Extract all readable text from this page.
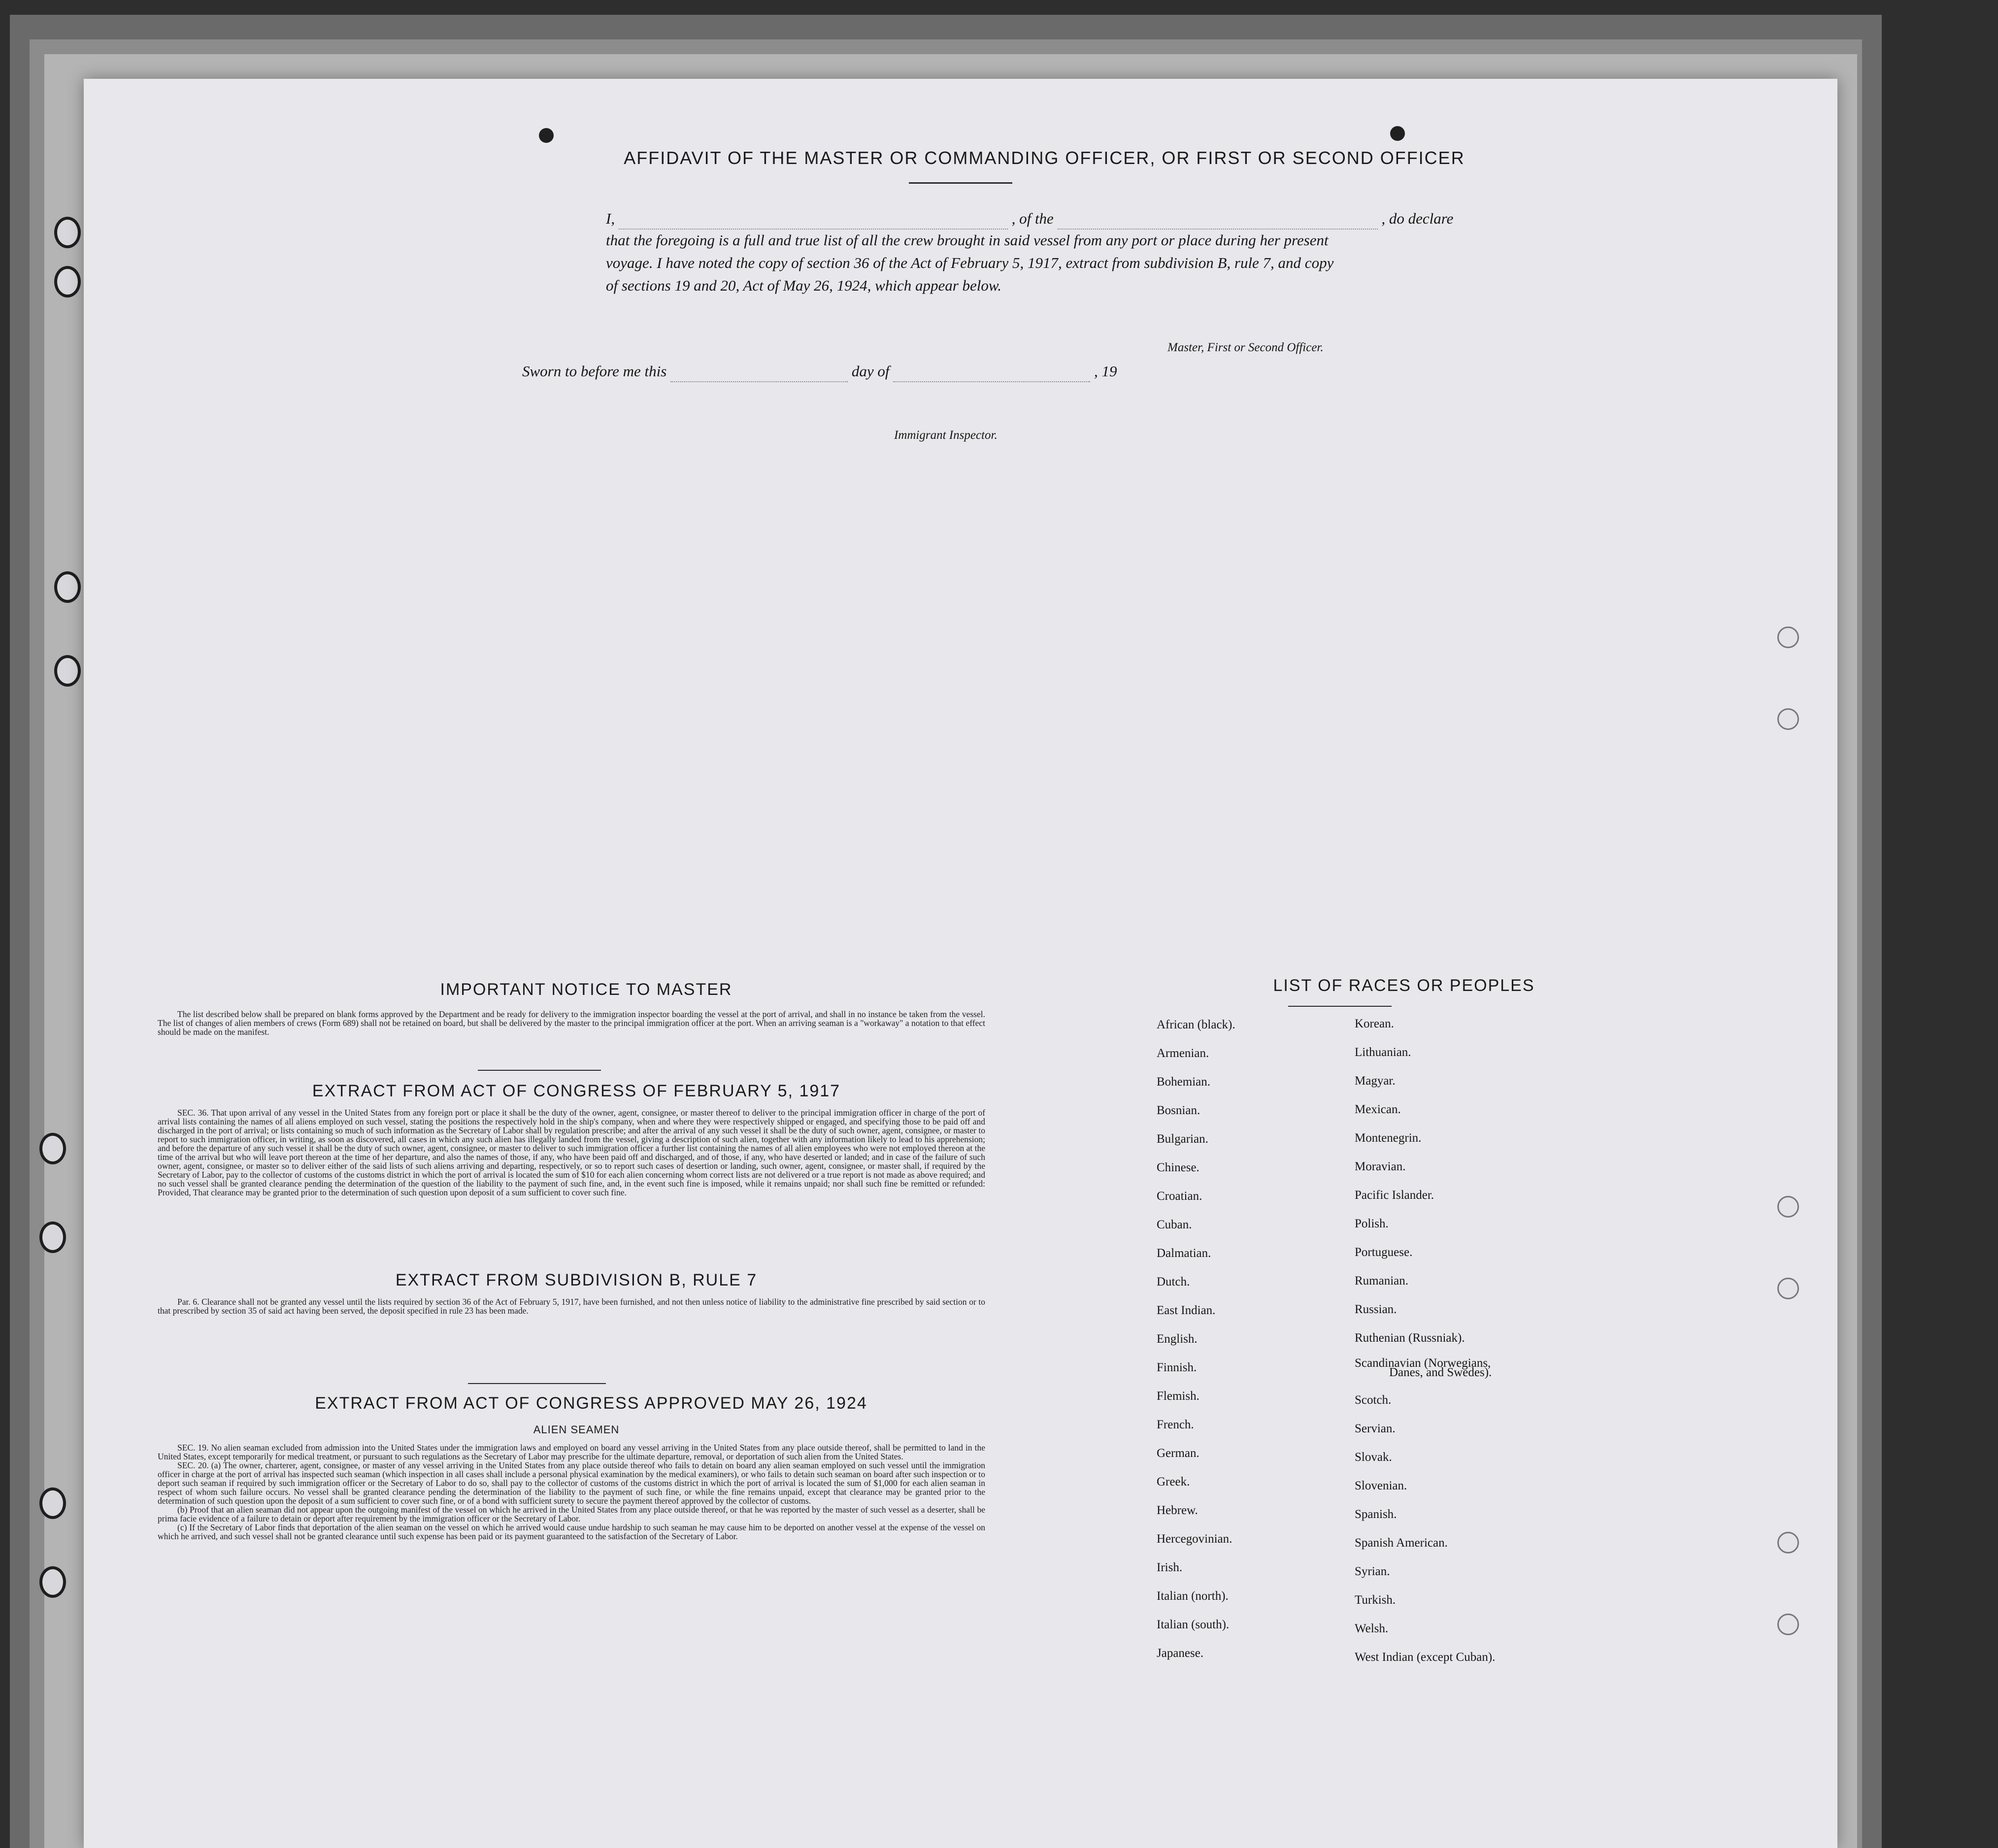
AFFIDAVIT OF THE MASTER OR COMMANDING OFFICER, OR FIRST OR SECOND OFFICER
I,	, of the	, do declare
that the foregoing is a full and true list of all the crew brought in said vessel from any port or place during her present
voyage. I have noted the copy of section 36 of the Act of February 5, 1917, extract from subdivision B, rule 7, and copy
of sections 19 and 20, Act of May 26, 1924, which appear below.
Master, First or Second Officer.
Sworn to before me this	day of	, 19
Immigrant Inspector.
IMPORTANT NOTICE TO MASTER

The list described below shall be prepared on blank forms approved by the Department and be ready for delivery to the immigration inspector boarding the vessel at the port of arrival, and shall in no instance be taken from the vessel. The list of changes of alien members of crews (Form 689) shall not be retained on board, but shall be delivered by the master to the principal immigration officer at the port. When an arriving seaman is a "workaway" a notation to that effect should be made on the manifest.

EXTRACT FROM ACT OF CONGRESS OF FEBRUARY 5, 1917

SEC. 36. That upon arrival of any vessel in the United States from any foreign port or place it shall be the duty of the owner, agent, consignee, or master thereof to deliver to the principal immigration officer in charge of the port of arrival lists containing the names of all aliens employed on such vessel, stating the positions the respectively hold in the ship's company, when and where they were respectively shipped or engaged, and specifying those to be paid off and discharged in the port of arrival; or lists containing so much of such information as the Secretary of Labor shall by regulation prescribe; and after the arrival of any such vessel it shall be the duty of such owner, agent, consignee, or master to report to such immigration officer, in writing, as soon as discovered, all cases in which any such alien has illegally landed from the vessel, giving a description of such alien, together with any information likely to lead to his apprehension; and before the departure of any such vessel it shall be the duty of such owner, agent, consignee, or master to deliver to such immigration officer a further list containing the names of all alien employees who were not employed thereon at the time of the arrival but who will leave port thereon at the time of her departure, and also the names of those, if any, who have been paid off and discharged, and of those, if any, who have deserted or landed; and in case of the failure of such owner, agent, consignee, or master so to deliver either of the said lists of such aliens arriving and departing, respectively, or so to report such cases of desertion or landing, such owner, agent, consignee, or master shall, if required by the Secretary of Labor, pay to the collector of customs of the customs district in which the port of arrival is located the sum of $10 for each alien concerning whom correct lists are not delivered or a true report is not made as above required; and no such vessel shall be granted clearance pending the determination of the question of the liability to the payment of such fine, and, in the event such fine is imposed, while it remains unpaid; nor shall such fine be remitted or refunded: Provided, That clearance may be granted prior to the determination of such question upon deposit of a sum sufficient to cover such fine.

EXTRACT FROM SUBDIVISION B, RULE 7

Par. 6. Clearance shall not be granted any vessel until the lists required by section 36 of the Act of February 5, 1917, have been furnished, and not then unless notice of liability to the administrative fine prescribed by said section or to that prescribed by section 35 of said act having been served, the deposit specified in rule 23 has been made.

EXTRACT FROM ACT OF CONGRESS APPROVED MAY 26, 1924
ALIEN SEAMEN

SEC. 19. No alien seaman excluded from admission into the United States under the immigration laws and employed on board any vessel arriving in the United States from any place outside thereof, shall be permitted to land in the United States, except temporarily for medical treatment, or pursuant to such regulations as the Secretary of Labor may prescribe for the ultimate departure, removal, or deportation of such alien from the United States.

SEC. 20. (a) The owner, charterer, agent, consignee, or master of any vessel arriving in the United States from any place outside thereof who fails to detain on board any alien seaman employed on such vessel until the immigration officer in charge at the port of arrival has inspected such seaman (which inspection in all cases shall include a personal physical examination by the medical examiners), or who fails to detain such seaman on board after such inspection or to deport such seaman if required by such immigration officer or the Secretary of Labor to do so, shall pay to the collector of customs of the customs district in which the port of arrival is located the sum of $1,000 for each alien seaman in respect of whom such failure occurs. No vessel shall be granted clearance pending the determination of the liability to the payment of such fine, or while the fine remains unpaid, except that clearance may be granted prior to the determination of such question upon the deposit of a sum sufficient to cover such fine, or of a bond with sufficient surety to secure the payment thereof approved by the collector of customs.

(b) Proof that an alien seaman did not appear upon the outgoing manifest of the vessel on which he arrived in the United States from any place outside thereof, or that he was reported by the master of such vessel as a deserter, shall be prima facie evidence of a failure to detain or deport after requirement by the immigration officer or the Secretary of Labor.

(c) If the Secretary of Labor finds that deportation of the alien seaman on the vessel on which he arrived would cause undue hardship to such seaman he may cause him to be deported on another vessel at the expense of the vessel on which he arrived, and such vessel shall not be granted clearance until such expense has been paid or its payment guaranteed to the satisfaction of the Secretary of Labor.

LIST OF RACES OR PEOPLES
African (black).
Armenian.
Bohemian.
Bosnian.
Bulgarian.
Chinese.
Croatian.
Cuban.
Dalmatian.
Dutch.
East Indian.
English.
Finnish.
Flemish.
French.
German.
Greek.
Hebrew.
Hercegovinian.
Irish.
Italian (north).
Italian (south).
Japanese.
Korean.
Lithuanian.
Magyar.
Mexican.
Montenegrin.
Moravian.
Pacific Islander.
Polish.
Portuguese.
Rumanian.
Russian.
Ruthenian (Russniak).
Scandinavian (Norwegians,
Danes, and Swedes).
Scotch.
Servian.
Slovak.
Slovenian.
Spanish.
Spanish American.
Syrian.
Turkish.
Welsh.
West Indian (except Cuban).
